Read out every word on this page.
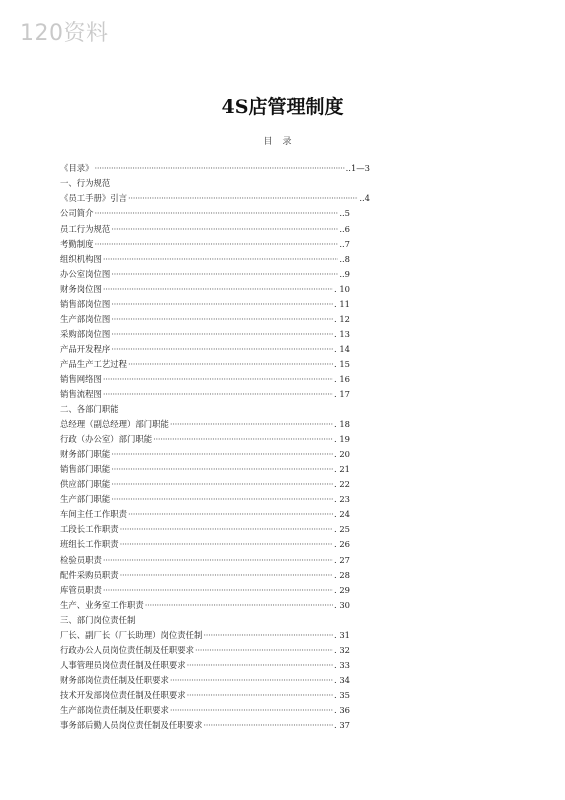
120资料
4S店管理制度
目录
《目录》 ·····	..1—3
一、行为规范
《员工手册》引言 ·····	..4
公司简介 ·····	..5
员工行为规范 ·····	..6
考勤制度 ·····	..7
组织机构图 ·····	..8
办公室岗位图 ·····	..9
财务岗位图 ·····	. 10
销售部岗位图 ·····	. 11
生产部岗位图 ·····	. 12
采购部岗位图 ·····	. 13
产品开发程序 ·····	. 14
产品生产工艺过程 ·····	. 15
销售网络图 ·····	. 16
销售流程图 ·····	. 17
二、各部门职能
总经理（副总经理）部门职能 ·····	. 18
行政（办公室）部门职能 ·····	. 19
财务部门职能 ·····	. 20
销售部门职能 ·····	. 21
供应部门职能 ·····	. 22
生产部门职能 ·····	. 23
车间主任工作职责 ·····	. 24
工段长工作职责 ·····	. 25
班组长工作职责 ·····	. 26
检验员职责 ·····	. 27
配件采购员职责 ·····	. 28
库管员职责 ·····	. 29
生产、业务室工作职责 ·····	. 30
三、部门岗位责任制
厂长、副厂长（厂长助理）岗位责任制 ·····	. 31
行政办公人员岗位责任制及任职要求 ·····	. 32
人事管理员岗位责任制及任职要求 ·····	. 33
财务部岗位责任制及任职要求 ·····	. 34
技术开发部岗位责任制及任职要求 ·····	. 35
生产部岗位责任制及任职要求 ·····	. 36
事务部后勤人员岗位责任制及任职要求 ·····	. 37
